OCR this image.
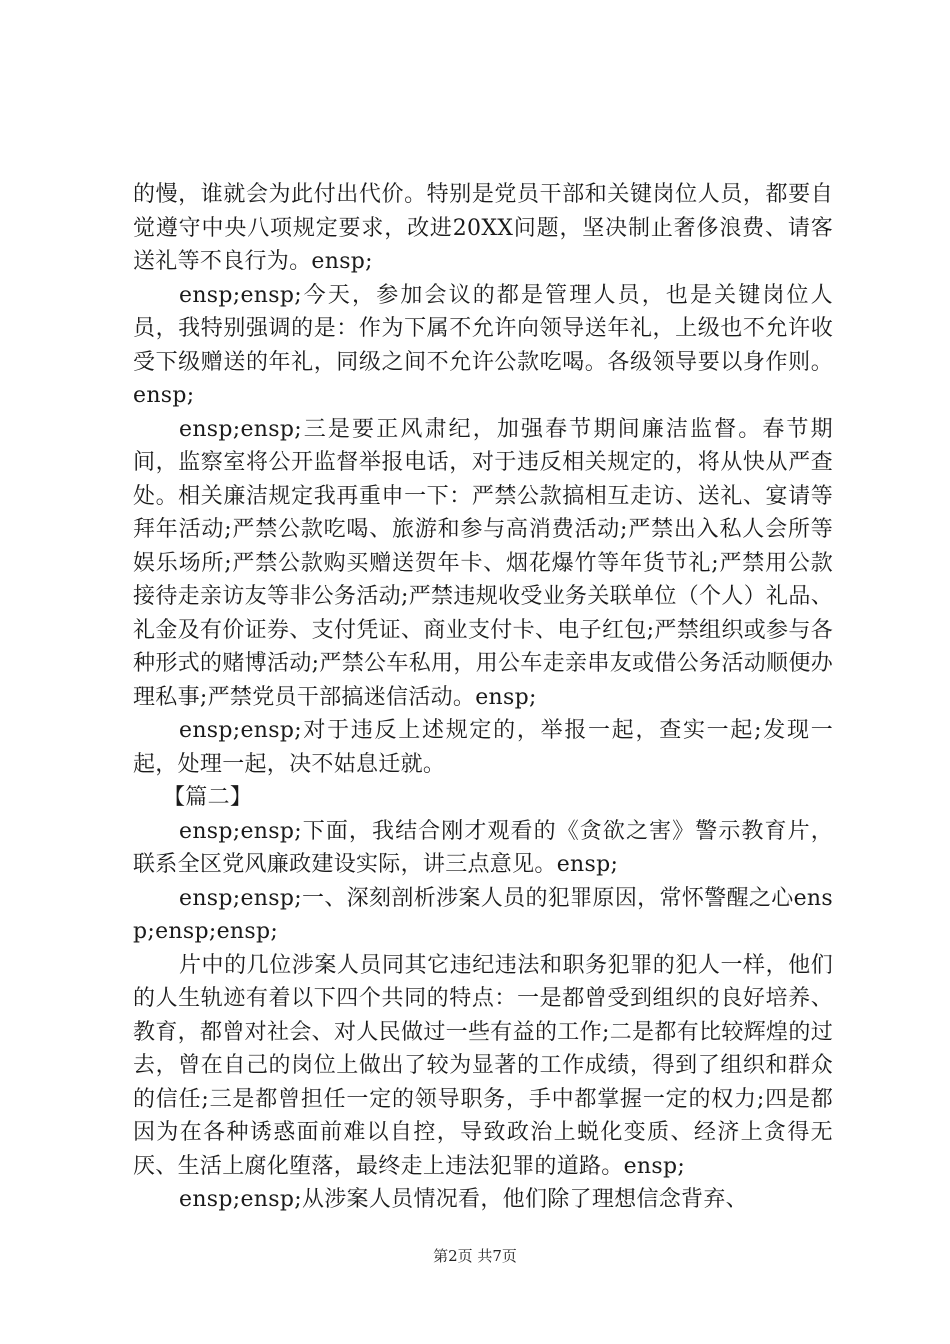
的慢，谁就会为此付出代价。特别是党员干部和关键岗位人员，都要自觉遵守中央八项规定要求，改进20XX问题，坚决制止奢侈浪费、请客送礼等不良行为。ensp;

ensp;ensp;今天，参加会议的都是管理人员，也是关键岗位人员，我特别强调的是：作为下属不允许向领导送年礼，上级也不允许收受下级赠送的年礼，同级之间不允许公款吃喝。各级领导要以身作则。ensp;

ensp;ensp;三是要正风肃纪，加强春节期间廉洁监督。春节期间，监察室将公开监督举报电话，对于违反相关规定的，将从快从严查处。相关廉洁规定我再重申一下：严禁公款搞相互走访、送礼、宴请等拜年活动;严禁公款吃喝、旅游和参与高消费活动;严禁出入私人会所等娱乐场所;严禁公款购买赠送贺年卡、烟花爆竹等年货节礼;严禁用公款接待走亲访友等非公务活动;严禁违规收受业务关联单位（个人）礼品、礼金及有价证券、支付凭证、商业支付卡、电子红包;严禁组织或参与各种形式的赌博活动;严禁公车私用，用公车走亲串友或借公务活动顺便办理私事;严禁党员干部搞迷信活动。ensp;

ensp;ensp;对于违反上述规定的，举报一起，查实一起;发现一起，处理一起，决不姑息迁就。

【篇二】

ensp;ensp;下面，我结合刚才观看的《贪欲之害》警示教育片，联系全区党风廉政建设实际，讲三点意见。ensp;

ensp;ensp;一、深刻剖析涉案人员的犯罪原因，常怀警醒之心ensp;ensp;ensp;

片中的几位涉案人员同其它违纪违法和职务犯罪的犯人一样，他们的人生轨迹有着以下四个共同的特点：一是都曾受到组织的良好培养、教育，都曾对社会、对人民做过一些有益的工作;二是都有比较辉煌的过去，曾在自己的岗位上做出了较为显著的工作成绩，得到了组织和群众的信任;三是都曾担任一定的领导职务，手中都掌握一定的权力;四是都因为在各种诱惑面前难以自控，导致政治上蜕化变质、经济上贪得无厌、生活上腐化堕落，最终走上违法犯罪的道路。ensp;

ensp;ensp;从涉案人员情况看，他们除了理想信念背弃、

第2页 共7页
